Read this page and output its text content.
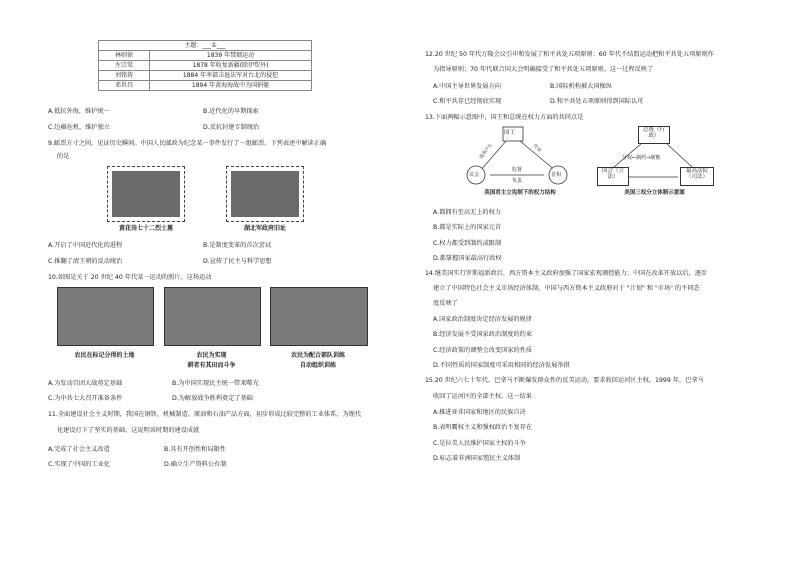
主题：___①___	
林则徐	1839 年禁烟运动
左宗棠	1878 年收复新疆(除伊犁外)
刘铭传	1884 年率部击退法军对台北的侵犯
邓世昌	1894 年黄海海战中为国捐躯
A.抵抗外侮，维护统一	B.近代化的早期探索
C.边疆危机，维护独立	D.反抗封建专制统治
9.邮票方寸之间，见证历史瞬间。中国人民邮政为纪念某一事件发行了一组邮票。下列表述中解读正确
的是
黄花岗七十二烈士墓	湖北军政府旧址
A.开启了中国近代化的进程	B.是制度变革的首次尝试
C.推翻了清王朝的反动统治	D.宣传了民主与科学思想
10.如图是关于 20 世纪 40 年代某一运动的照片。这场运动
农民在标记分得的土地	农民为实现
耕者有其田而斗争
农民为配合部队训练
自动组织训练
A.为发动百团大战奠定基础	B.为中国实现民主统一带来曙光
C.为中共七大召开准备条件	D.为解放战争胜利奠定了基础
11.全面建设社会主义时期，我国在钢铁、机械制造、原油和石油产品方面，初步形成比较完整的工业体系，为现代
化建设打下了坚实的基础。这说明该时期的建设成就
A.完成了社会主义改造	B.具有开创性和局限性
C.实现了中国的工业化	D.确立生产资料公有制
12.20 世纪 50 年代万隆会议引申和发展了和平共处五项原则；60 年代不结盟运动把和平共处五项原则作
为指导原则；70 年代联合国大会明确接受了和平共处五项原则。这一过程反映了
A.中国主导世界发展方向	B.国际机构被大国操纵
C.和平共存已经彻底实现	D.和平共处五项原则得到国际认可
13.下面两幅示意图中，国王和总统在权力方面的共同点是
国王
议会	首相
选举产生
监督
任命
负责
英国君主立宪制下的权力结构
总统（行政）
国会（立法）
最高法院（司法）
分权←制约→制衡
美国三权分立体制示意图
A.都拥有至高无上的权力
B.都是实际上的国家元首
C.权力都受到制约或限制
D.都掌握国家最高行政权
14.继美国实行罗斯福新政后，西方资本主义政府加强了国家宏观调控能力；中国在改革开放以后，逐步
建立了中国特色社会主义市场经济体制。中国与西方资本主义政府对于 "计划" 和 "市场" 的不同态
度反映了
A.国家政治制度决定经济发展的规律
B.经济发展不受国家政治制度的约束
C.经济政策的调整会改变国家的性质
D.不同性质的国家制度可采用相同的经济发展举措
15.20 世纪六七十年代，巴拿马不断爆发群众性的反美运动，要求收回运河区主权。1999 年，巴拿马
收回了运河区的全部主权。这一结果
A.推进亚非国家和地区的民族自决
B.表明霸权主义和强权政治不复存在
C.是拉美人民维护国家主权的斗争
D.标志着非洲国家殖民主义体制
